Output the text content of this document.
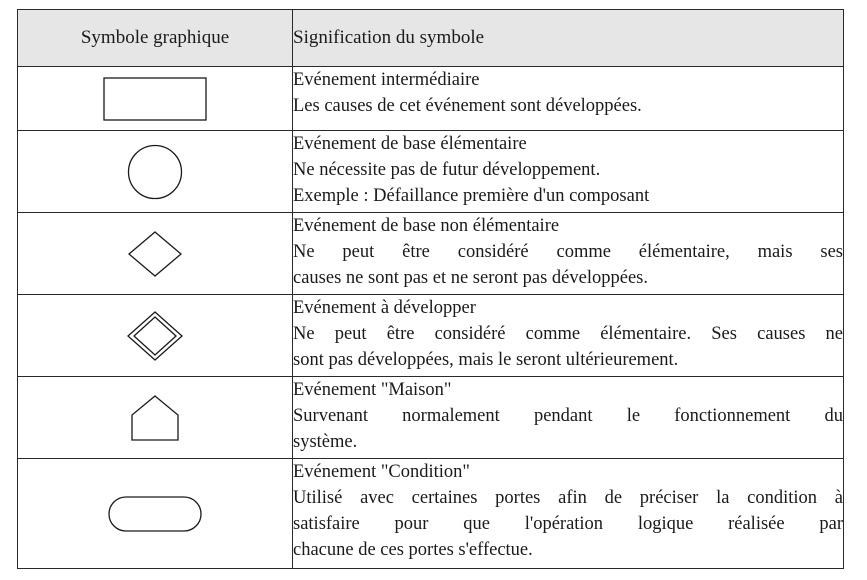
Symbole graphique	Signification du symbole

Evénement intermédiaire
Les causes de cet événement sont développées.

Evénement de base élémentaire
Ne nécessite pas de futur développement.
Exemple : Défaillance première d'un composant

Evénement de base non élémentaire
Ne peut être considéré comme élémentaire, mais ses
causes ne sont pas et ne seront pas développées.

Evénement à développer
Ne peut être considéré comme élémentaire. Ses causes ne
sont pas développées, mais le seront ultérieurement.

Evénement "Maison"
Survenant normalement pendant le fonctionnement du
système.

Evénement "Condition"
Utilisé avec certaines portes afin de préciser la condition à
satisfaire pour que l'opération logique réalisée par
chacune de ces portes s'effectue.
